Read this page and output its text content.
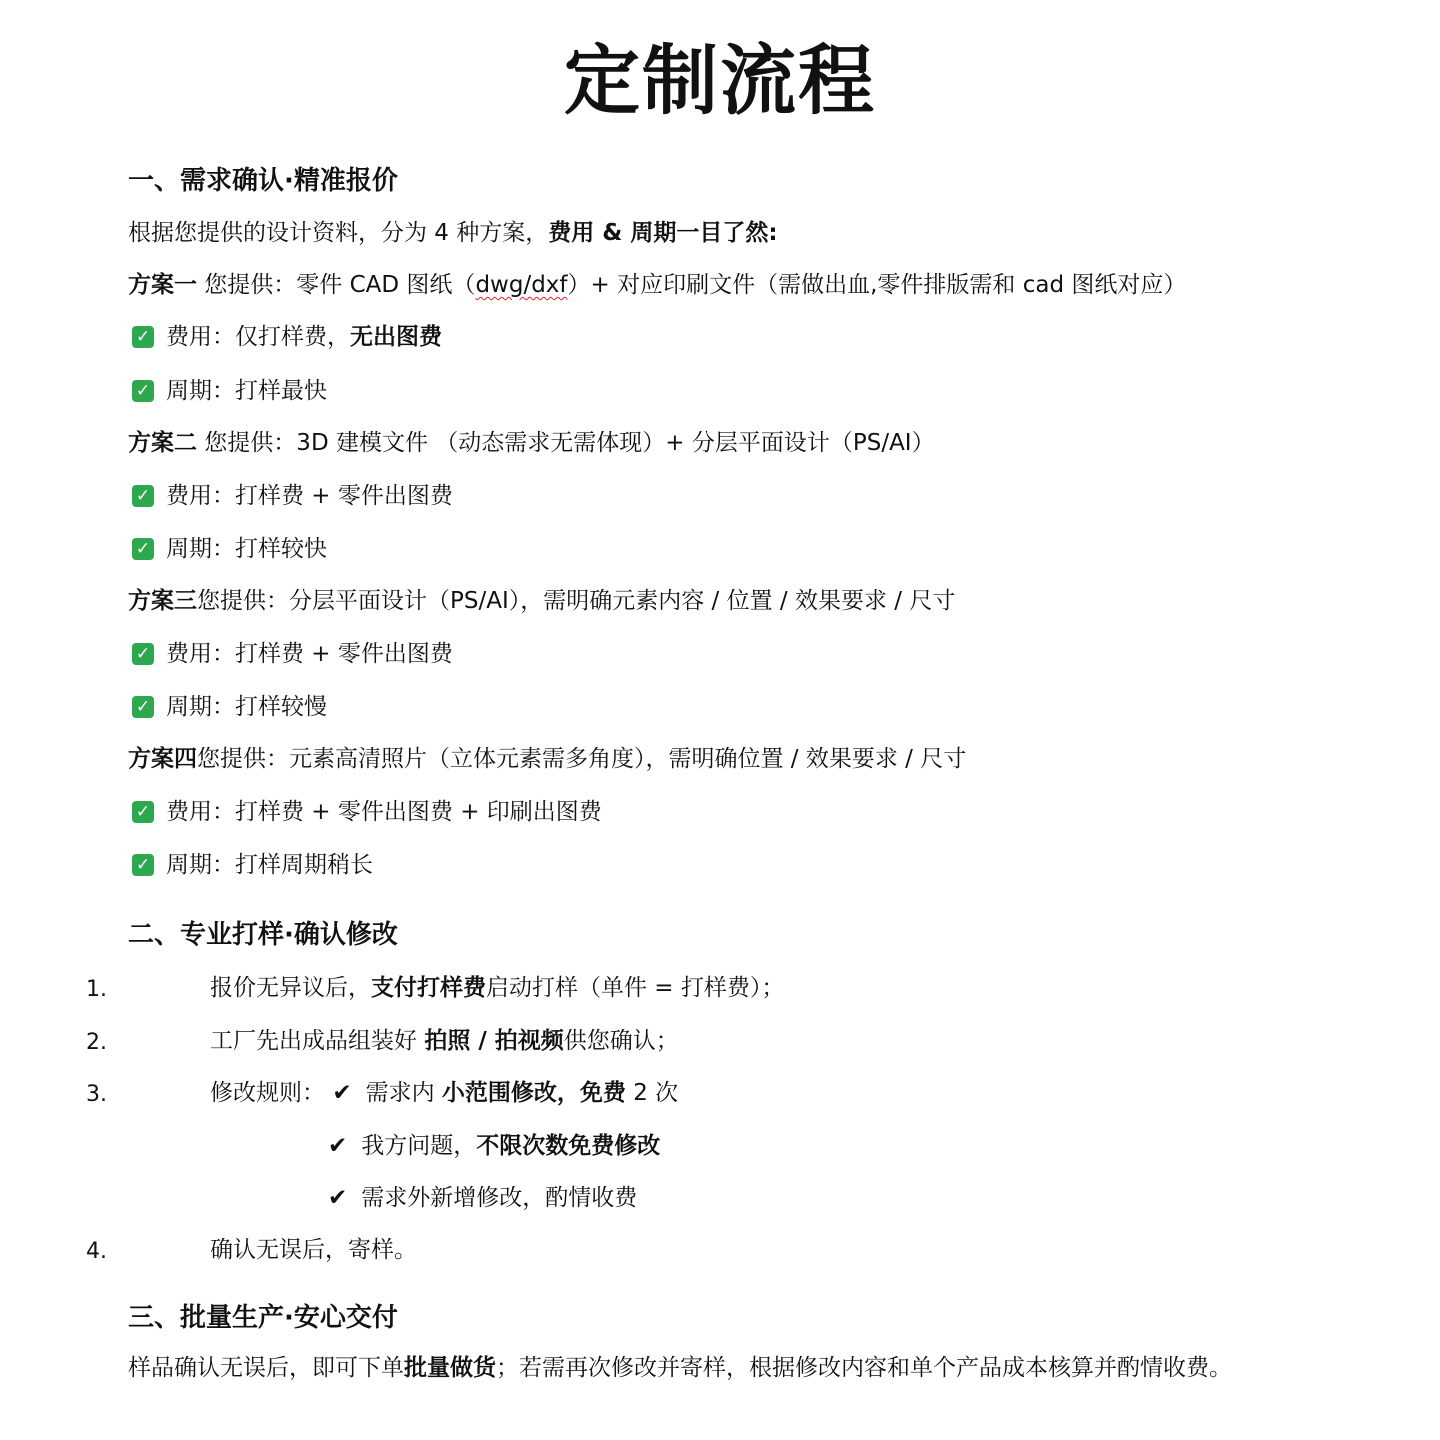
定制流程
一、需求确认·精准报价
根据您提供的设计资料，分为 4 种方案，费用 & 周期一目了然:
方案一 您提供：零件 CAD 图纸（dwg/dxf）+ 对应印刷文件（需做出血,零件排版需和 cad 图纸对应）
✓ 费用：仅打样费， 无出图费
✓ 周期：打样最快
方案二 您提供：3D 建模文件 （动态需求无需体现）+ 分层平面设计（PS/AI）
✓ 费用：打样费 + 零件出图费
✓ 周期：打样较快
方案三您提供：分层平面设计（PS/AI），需明确元素内容 / 位置 / 效果要求 / 尺寸
✓ 费用：打样费 + 零件出图费
✓ 周期：打样较慢
方案四您提供：元素高清照片（立体元素需多角度），需明确位置 / 效果要求 / 尺寸
✓ 费用：打样费 + 零件出图费 + 印刷出图费
✓ 周期：打样周期稍长
二、专业打样·确认修改
1.	报价无异议后，支付打样费启动打样（单件 = 打样费）；
2.	工厂先出成品组装好 拍照 / 拍视频供您确认；
3.	修改规则： ✔ 需求内 小范围修改，免费 2 次
✔ 我方问题，不限次数免费修改
✔ 需求外新增修改，酌情收费
4.	确认无误后，寄样。
三、批量生产·安心交付
样品确认无误后，即可下单批量做货；若需再次修改并寄样，根据修改内容和单个产品成本核算并酌情收费。
